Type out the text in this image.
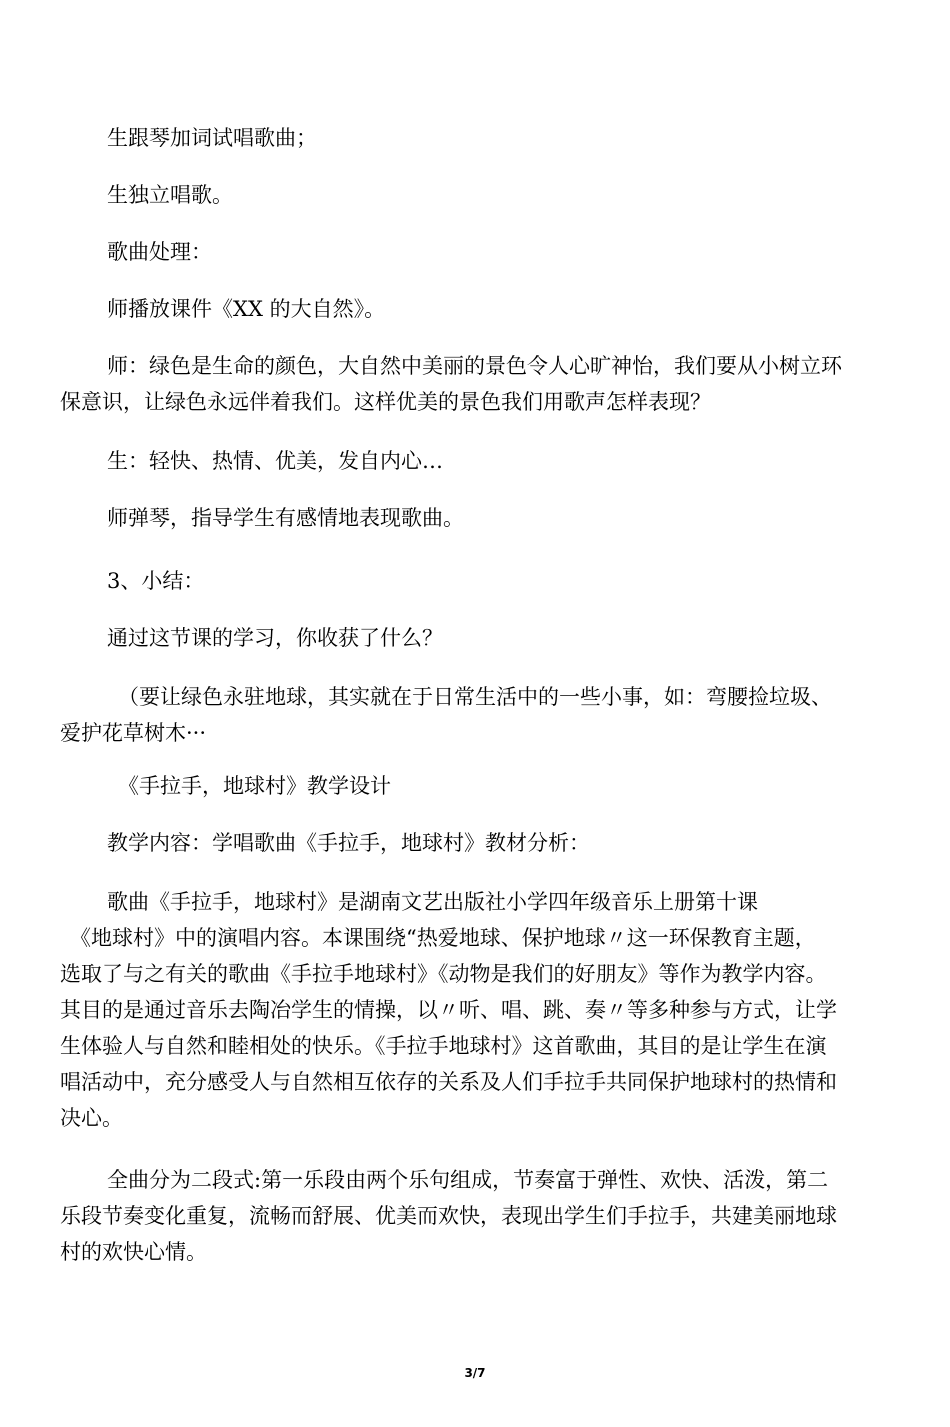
生跟琴加词试唱歌曲；
生独立唱歌。
歌曲处理：
师播放课件《XX 的大自然》。
师：绿色是生命的颜色，大自然中美丽的景色令人心旷神怡，我们要从小树立环
保意识，让绿色永远伴着我们。这样优美的景色我们用歌声怎样表现？
生：轻快、热情、优美，发自内心…
师弹琴，指导学生有感情地表现歌曲。
3、小结：
通过这节课的学习，你收获了什么？
（要让绿色永驻地球，其实就在于日常生活中的一些小事，如：弯腰捡垃圾、
爱护花草树木···
《手拉手，地球村》教学设计
教学内容：学唱歌曲《手拉手，地球村》教材分析：
歌曲《手拉手，地球村》是湖南文艺出版社小学四年级音乐上册第十课
《地球村》中的演唱内容。本课围绕“热爱地球、保护地球〃这一环保教育主题，
选取了与之有关的歌曲《手拉手地球村》《动物是我们的好朋友》等作为教学内容。
其目的是通过音乐去陶冶学生的情操，以〃听、唱、跳、奏〃等多种参与方式，让学
生体验人与自然和睦相处的快乐。《手拉手地球村》这首歌曲，其目的是让学生在演
唱活动中，充分感受人与自然相互依存的关系及人们手拉手共同保护地球村的热情和
决心。
全曲分为二段式:第一乐段由两个乐句组成，节奏富于弹性、欢快、活泼，第二
乐段节奏变化重复，流畅而舒展、优美而欢快，表现出学生们手拉手，共建美丽地球
村的欢快心情。
3/7
